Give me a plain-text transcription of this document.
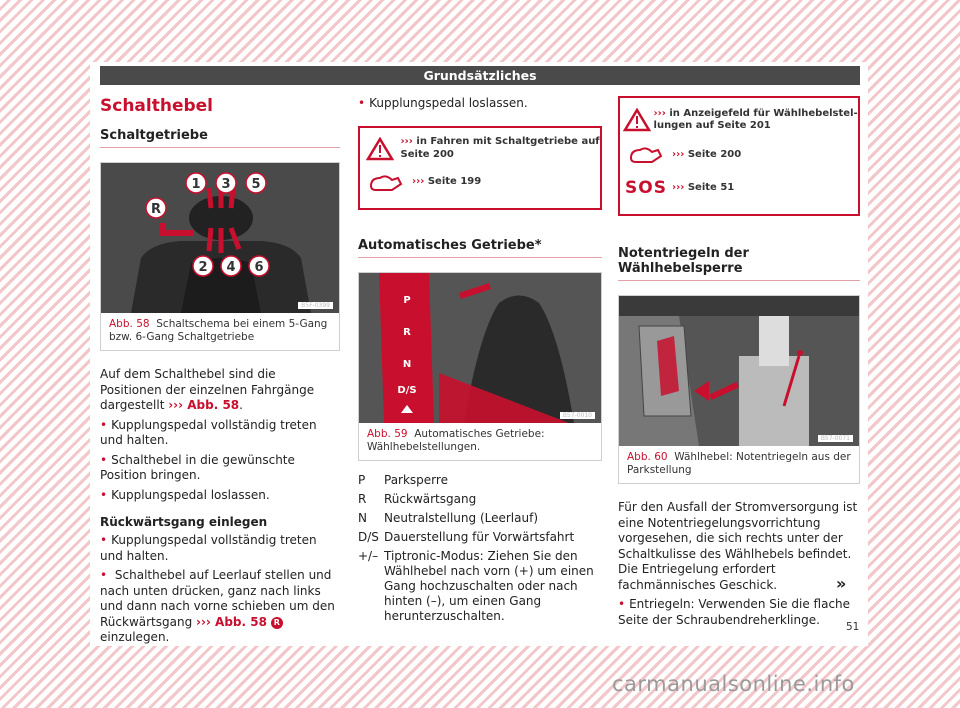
Grundsätzliches
Schalthebel
Schaltgetriebe
1 3 5
R
2 4 6
B5F-0399
Abb. 58 Schaltschema bei einem 5-Gang bzw. 6-Gang Schaltgetriebe

Auf dem Schalthebel sind die Positionen der einzelnen Fahrgänge dargestellt ››› Abb. 58.

• Kupplungspedal vollständig treten und halten.

• Schalthebel in die gewünschte Position bringen.

• Kupplungspedal loslassen.

Rückwärtsgang einlegen

• Kupplungspedal vollständig treten und halten.

• Schalthebel auf Leerlauf stellen und nach unten drücken, ganz nach links und dann nach vorne schieben um den Rückwärtsgang ››› Abb. 58 R einzulegen.

• Kupplungspedal loslassen.

››› in Fahren mit Schaltgetriebe auf Seite 200
››› Seite 199
Automatisches Getriebe*
P
R
N
D/S
B57-0010
Abb. 59 Automatisches Getriebe: Wählhebelstellungen.
P	Parksperre
R	Rückwärtsgang
N	Neutralstellung (Leerlauf)
D/S Dauerstellung für Vorwärtsfahrt
+/– Tiptronic-Modus: Ziehen Sie den Wählhebel nach vorn (+) um einen Gang hochzuschalten oder nach hinten (–), um einen Gang herunterzuschalten.
››› in Anzeigefeld für Wählhebelstellungen auf Seite 201
››› Seite 200
SOS ››› Seite 51
Notentriegeln der Wählhebelsperre
B57-0071
Abb. 60 Wählhebel: Notentriegeln aus der Parkstellung

Für den Ausfall der Stromversorgung ist eine Notentriegelungsvorrichtung vorgesehen, die sich rechts unter der Schaltkulisse des Wählhebels befindet. Die Entriegelung erfordert fachmännisches Geschick.

• Entriegeln: Verwenden Sie die flache Seite der Schraubendreherklinge.

»
51
carmanualsonline.info
